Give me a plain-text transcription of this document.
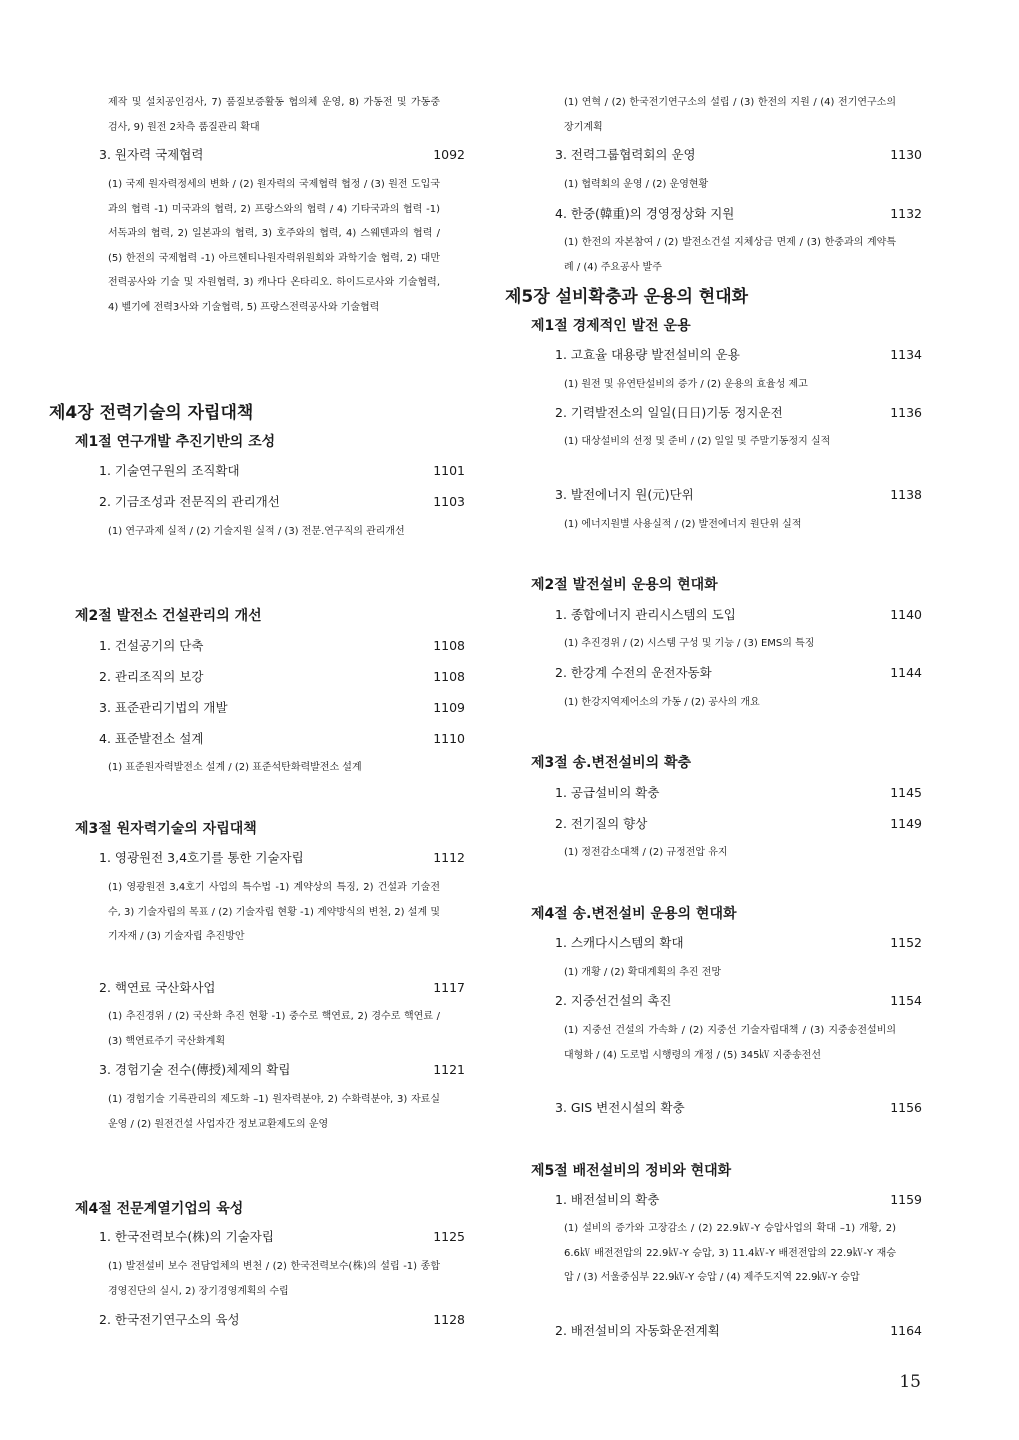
제작 및 설치공인검사, 7) 품질보증활동 협의체 운영, 8) 가동전 및 가동중 검사, 9) 원전 2차측 품질관리 확대
3. 원자력 국제협력	1092
(1) 국제 원자력정세의 변화 / (2) 원자력의 국제협력 협정 / (3) 원전 도입국과의 협력 -1) 미국과의 협력, 2) 프랑스와의 협력 / 4) 기타국과의 협력 -1) 서독과의 협력, 2) 일본과의 협력, 3) 호주와의 협력, 4) 스웨덴과의 협력 / (5) 한전의 국제협력 -1) 아르헨티나원자력위원회와 과학기술 협력, 2) 대만전력공사와 기술 및 자원협력, 3) 캐나다 온타리오. 하이드로사와 기술협력, 4) 벨기에 전력3사와 기술협력, 5) 프랑스전력공사와 기술협력
제4장 전력기술의 자립대책
제1절 연구개발 추진기반의 조성
1. 기술연구원의 조직확대	1101
2. 기금조성과 전문직의 관리개선	1103
(1) 연구과제 실적 / (2) 기술지원 실적 / (3) 전문.연구직의 관리개선
제2절 발전소 건설관리의 개선
1. 건설공기의 단축	1108
2. 관리조직의 보강	1108
3. 표준관리기법의 개발	1109
4. 표준발전소 설계	1110
(1) 표준원자력발전소 설계 / (2) 표준석탄화력발전소 설계
제3절 원자력기술의 자립대책
1. 영광원전 3,4호기를 통한 기술자립	1112
(1) 영광원전 3,4호기 사업의 특수법 -1) 계약상의 특징, 2) 건설과 기술전수, 3) 기술자립의 목표 / (2) 기술자립 현황 -1) 계약방식의 변천, 2) 설계 및 기자재 / (3) 기술자립 추진방안
2. 핵연료 국산화사업	1117
(1) 추진경위 / (2) 국산화 추진 현황 -1) 중수로 핵연료, 2) 경수로 핵연료 / (3) 핵연료주기 국산화계획
3. 경험기술 전수(傳授)체제의 확립	1121
(1) 경험기술 기록관리의 제도화 –1) 원자력분야, 2) 수화력분야, 3) 자료실 운영 / (2) 원전건설 사업자간 정보교환제도의 운영
제4절 전문계열기업의 육성
1. 한국전력보수(株)의 기술자립	1125
(1) 발전설비 보수 전담업체의 변천 / (2) 한국전력보수(株)의 설립 -1) 종합경영진단의 실시, 2) 장기경영계획의 수립
2. 한국전기연구소의 육성	1128
(1) 연혁 / (2) 한국전기연구소의 설립 / (3) 한전의 지원 / (4) 전기연구소의 장기계획
3. 전력그룹협력회의 운영	1130
(1) 협력회의 운영 / (2) 운영현황
4. 한중(韓重)의 경영정상화 지원	1132
(1) 한전의 자본참여 / (2) 발전소건설 지체상금 면제 / (3) 한중과의 계약특례 / (4) 주요공사 발주
제5장 설비확충과 운용의 현대화
제1절 경제적인 발전 운용
1. 고효율 대용량 발전설비의 운용	1134
(1) 원전 및 유연탄설비의 증가 / (2) 운용의 효율성 제고
2. 기력발전소의 일일(日日)기동 정지운전	1136
(1) 대상설비의 선정 및 준비 / (2) 일일 및 주말기동정지 실적
3. 발전에너지 원(元)단위	1138
(1) 에너지원별 사용실적 / (2) 발전에너지 원단위 실적
제2절 발전설비 운용의 현대화
1. 종합에너지 관리시스템의 도입	1140
(1) 추진경위 / (2) 시스템 구성 및 기능 / (3) EMS의 특징
2. 한강계 수전의 운전자동화	1144
(1) 한강지역제어소의 가동 / (2) 공사의 개요
제3절 송.변전설비의 확충
1. 공급설비의 확충	1145
2. 전기질의 향상	1149
(1) 정전감소대책 / (2) 규정전압 유지
제4절 송.변전설비 운용의 현대화
1. 스캐다시스템의 확대	1152
(1) 개황 / (2) 확대계획의 추진 전망
2. 지중선건설의 촉진	1154
(1) 지중선 건설의 가속화 / (2) 지중선 기술자립대책 / (3) 지중송전설비의 대형화 / (4) 도로법 시행령의 개정 / (5) 345㎸ 지중송전선
3. GIS 변전시설의 확충	1156
제5절 배전설비의 정비와 현대화
1. 배전설비의 확충	1159
(1) 설비의 증가와 고장감소 / (2) 22.9㎸-Y 승압사업의 확대 –1) 개황, 2) 6.6㎸ 배전전압의 22.9㎸-Y 승압, 3) 11.4㎸-Y 배전전압의 22.9㎸-Y 재승압 / (3) 서울중심부 22.9㎸-Y 승압 / (4) 제주도지역 22.9㎸-Y 승압
2. 배전설비의 자동화운전계획	1164
15
